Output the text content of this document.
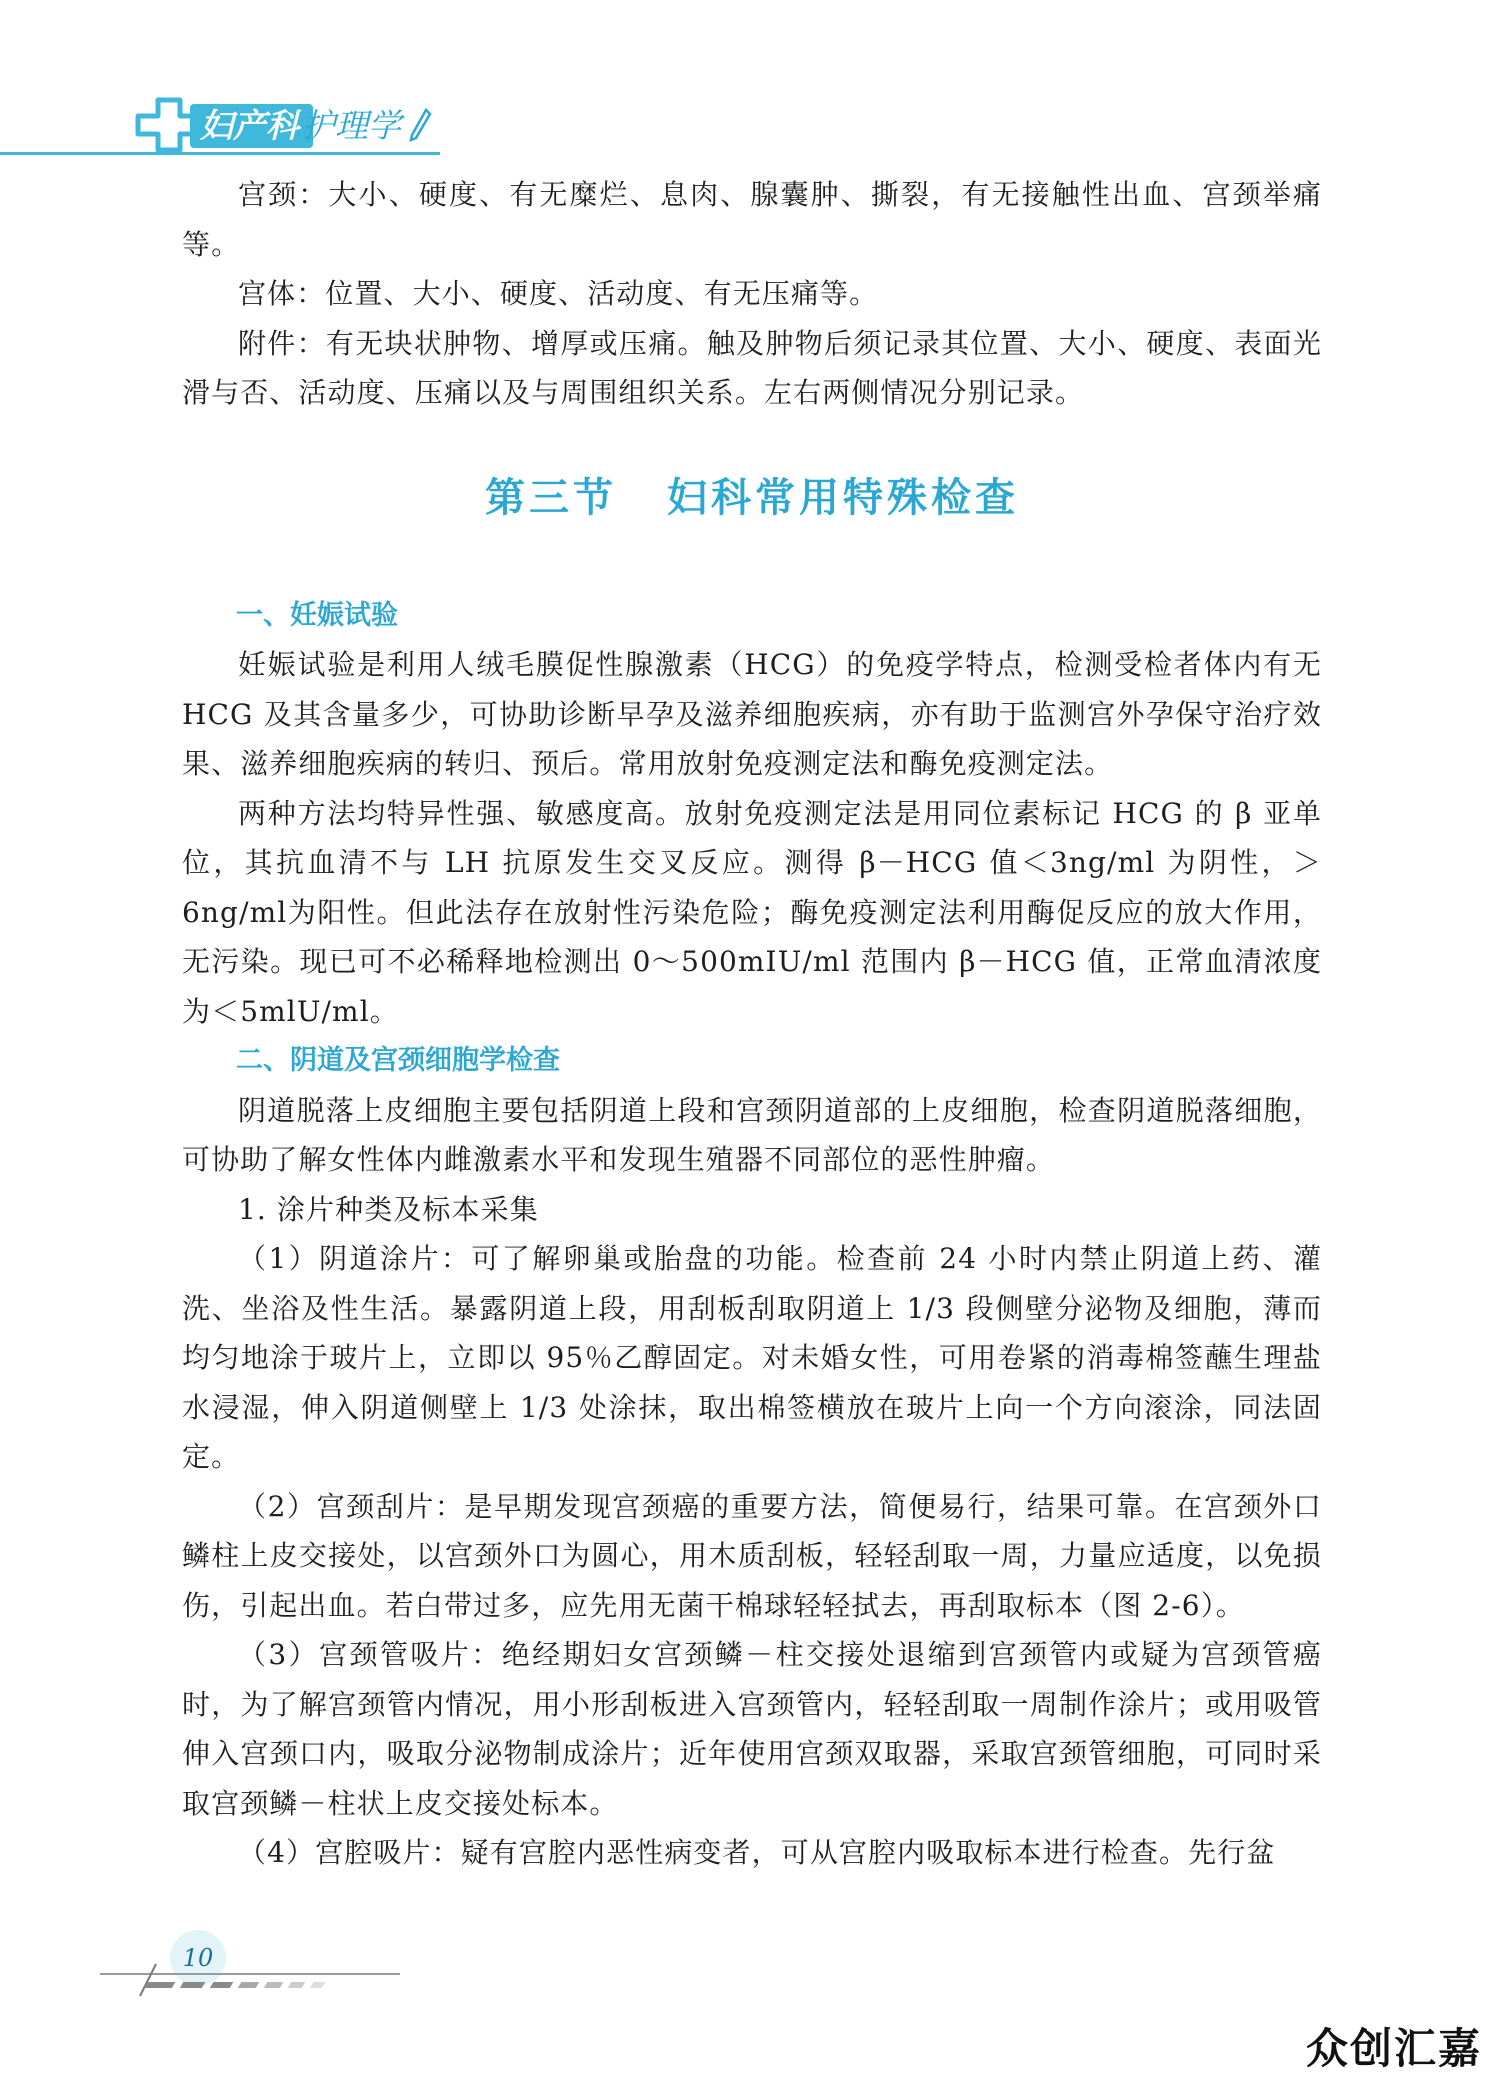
妇产科 护理学

宫颈：大小、硬度、有无糜烂、息肉、腺囊肿、撕裂，有无接触性出血、宫颈举痛等。

宫体：位置、大小、硬度、活动度、有无压痛等。

附件：有无块状肿物、增厚或压痛。触及肿物后须记录其位置、大小、硬度、表面光滑与否、活动度、压痛以及与周围组织关系。左右两侧情况分别记录。

第三节 妇科常用特殊检查

一、妊娠试验

妊娠试验是利用人绒毛膜促性腺激素（HCG）的免疫学特点，检测受检者体内有无 HCG 及其含量多少，可协助诊断早孕及滋养细胞疾病，亦有助于监测宫外孕保守治疗效果、滋养细胞疾病的转归、预后。常用放射免疫测定法和酶免疫测定法。

两种方法均特异性强、敏感度高。放射免疫测定法是用同位素标记 HCG 的 β 亚单位，其抗血清不与 LH 抗原发生交叉反应。测得 β－HCG 值＜3ng/ml 为阴性，＞6ng/ml为阳性。但此法存在放射性污染危险；酶免疫测定法利用酶促反应的放大作用，无污染。现已可不必稀释地检测出 0～500mIU/ml 范围内 β－HCG 值，正常血清浓度为＜5mlU/ml。

二、阴道及宫颈细胞学检查

阴道脱落上皮细胞主要包括阴道上段和宫颈阴道部的上皮细胞，检查阴道脱落细胞，可协助了解女性体内雌激素水平和发现生殖器不同部位的恶性肿瘤。

1. 涂片种类及标本采集

（1）阴道涂片：可了解卵巢或胎盘的功能。检查前 24 小时内禁止阴道上药、灌洗、坐浴及性生活。暴露阴道上段，用刮板刮取阴道上 1/3 段侧壁分泌物及细胞，薄而均匀地涂于玻片上，立即以 95％乙醇固定。对未婚女性，可用卷紧的消毒棉签蘸生理盐水浸湿，伸入阴道侧壁上 1/3 处涂抹，取出棉签横放在玻片上向一个方向滚涂，同法固定。

（2）宫颈刮片：是早期发现宫颈癌的重要方法，简便易行，结果可靠。在宫颈外口鳞柱上皮交接处，以宫颈外口为圆心，用木质刮板，轻轻刮取一周，力量应适度，以免损伤，引起出血。若白带过多，应先用无菌干棉球轻轻拭去，再刮取标本（图 2-6）。

（3）宫颈管吸片：绝经期妇女宫颈鳞－柱交接处退缩到宫颈管内或疑为宫颈管癌时，为了解宫颈管内情况，用小形刮板进入宫颈管内，轻轻刮取一周制作涂片；或用吸管伸入宫颈口内，吸取分泌物制成涂片；近年使用宫颈双取器，采取宫颈管细胞，可同时采取宫颈鳞－柱状上皮交接处标本。

（4）宫腔吸片：疑有宫腔内恶性病变者，可从宫腔内吸取标本进行检查。先行盆

10
众创汇嘉
